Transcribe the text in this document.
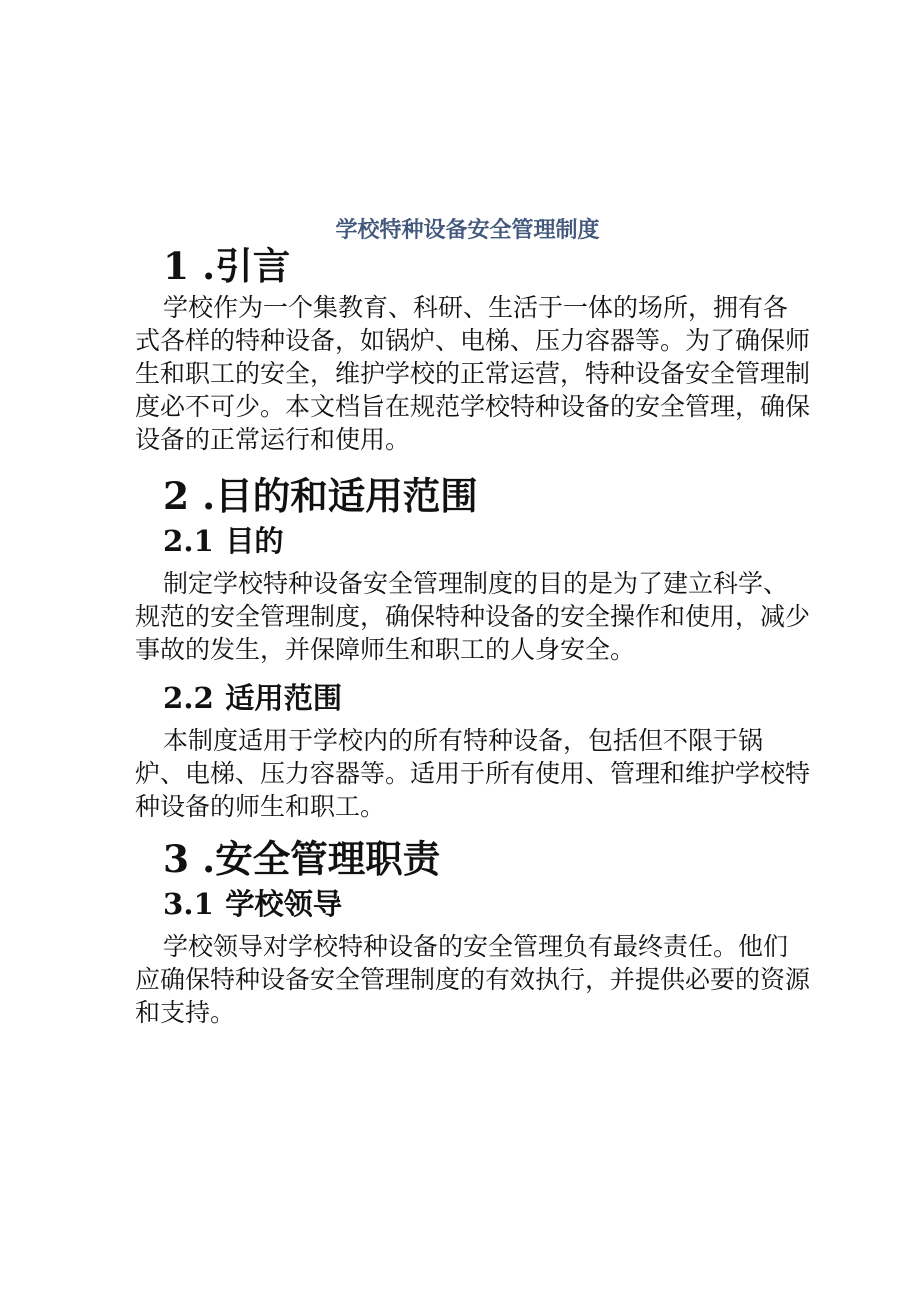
学校特种设备安全管理制度
1 .引言

学校作为一个集教育、科研、生活于一体的场所，拥有各式各样的特种设备，如锅炉、电梯、压力容器等。为了确保师生和职工的安全，维护学校的正常运营，特种设备安全管理制度必不可少。本文档旨在规范学校特种设备的安全管理，确保设备的正常运行和使用。

2 .目的和适用范围
2.1 目的

制定学校特种设备安全管理制度的目的是为了建立科学、规范的安全管理制度，确保特种设备的安全操作和使用，减少事故的发生，并保障师生和职工的人身安全。

2.2 适用范围

本制度适用于学校内的所有特种设备，包括但不限于锅炉、电梯、压力容器等。适用于所有使用、管理和维护学校特种设备的师生和职工。

3 .安全管理职责
3.1 学校领导

学校领导对学校特种设备的安全管理负有最终责任。他们应确保特种设备安全管理制度的有效执行，并提供必要的资源和支持。
